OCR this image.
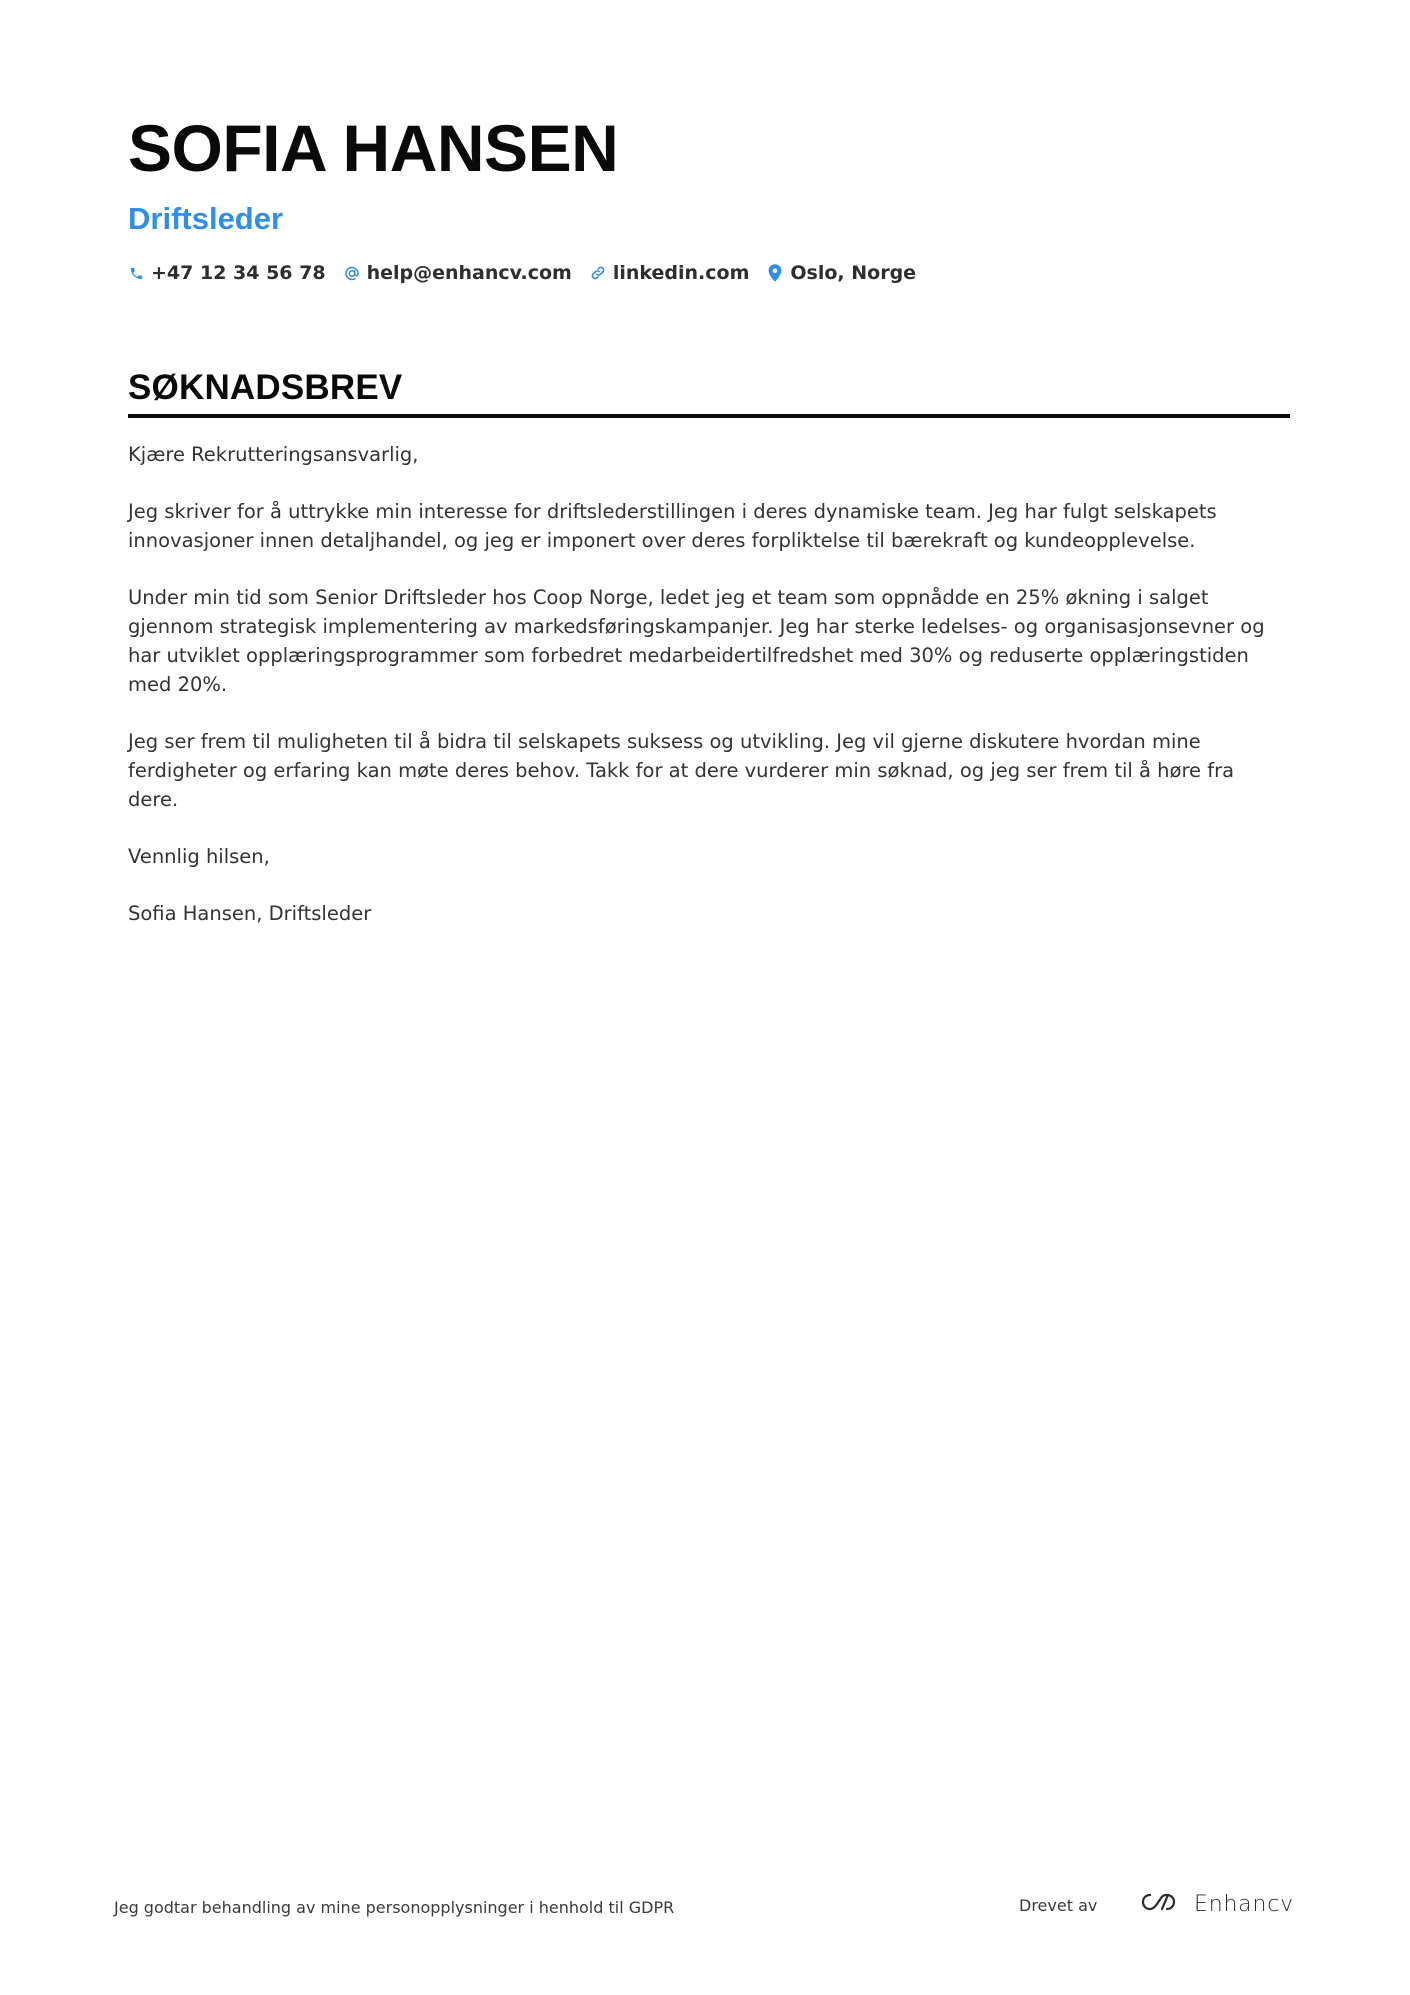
SOFIA HANSEN
Driftsleder
+47 12 34 56 78 help@enhancv.com linkedin.com Oslo, Norge
SØKNADSBREV

Kjære Rekrutteringsansvarlig,

Jeg skriver for å uttrykke min interesse for driftslederstillingen i deres dynamiske team. Jeg har fulgt selskapets innovasjoner innen detaljhandel, og jeg er imponert over deres forpliktelse til bærekraft og kundeopplevelse.

Under min tid som Senior Driftsleder hos Coop Norge, ledet jeg et team som oppnådde en 25% økning i salget gjennom strategisk implementering av markedsføringskampanjer. Jeg har sterke ledelses- og organisasjonsevner og har utviklet opplæringsprogrammer som forbedret medarbeidertilfredshet med 30% og reduserte opplæringstiden med 20%.

Jeg ser frem til muligheten til å bidra til selskapets suksess og utvikling. Jeg vil gjerne diskutere hvordan mine ferdigheter og erfaring kan møte deres behov. Takk for at dere vurderer min søknad, og jeg ser frem til å høre fra dere.

Vennlig hilsen,

Sofia Hansen, Driftsleder

Jeg godtar behandling av mine personopplysninger i henhold til GDPR	Drevet av	Enhancv
